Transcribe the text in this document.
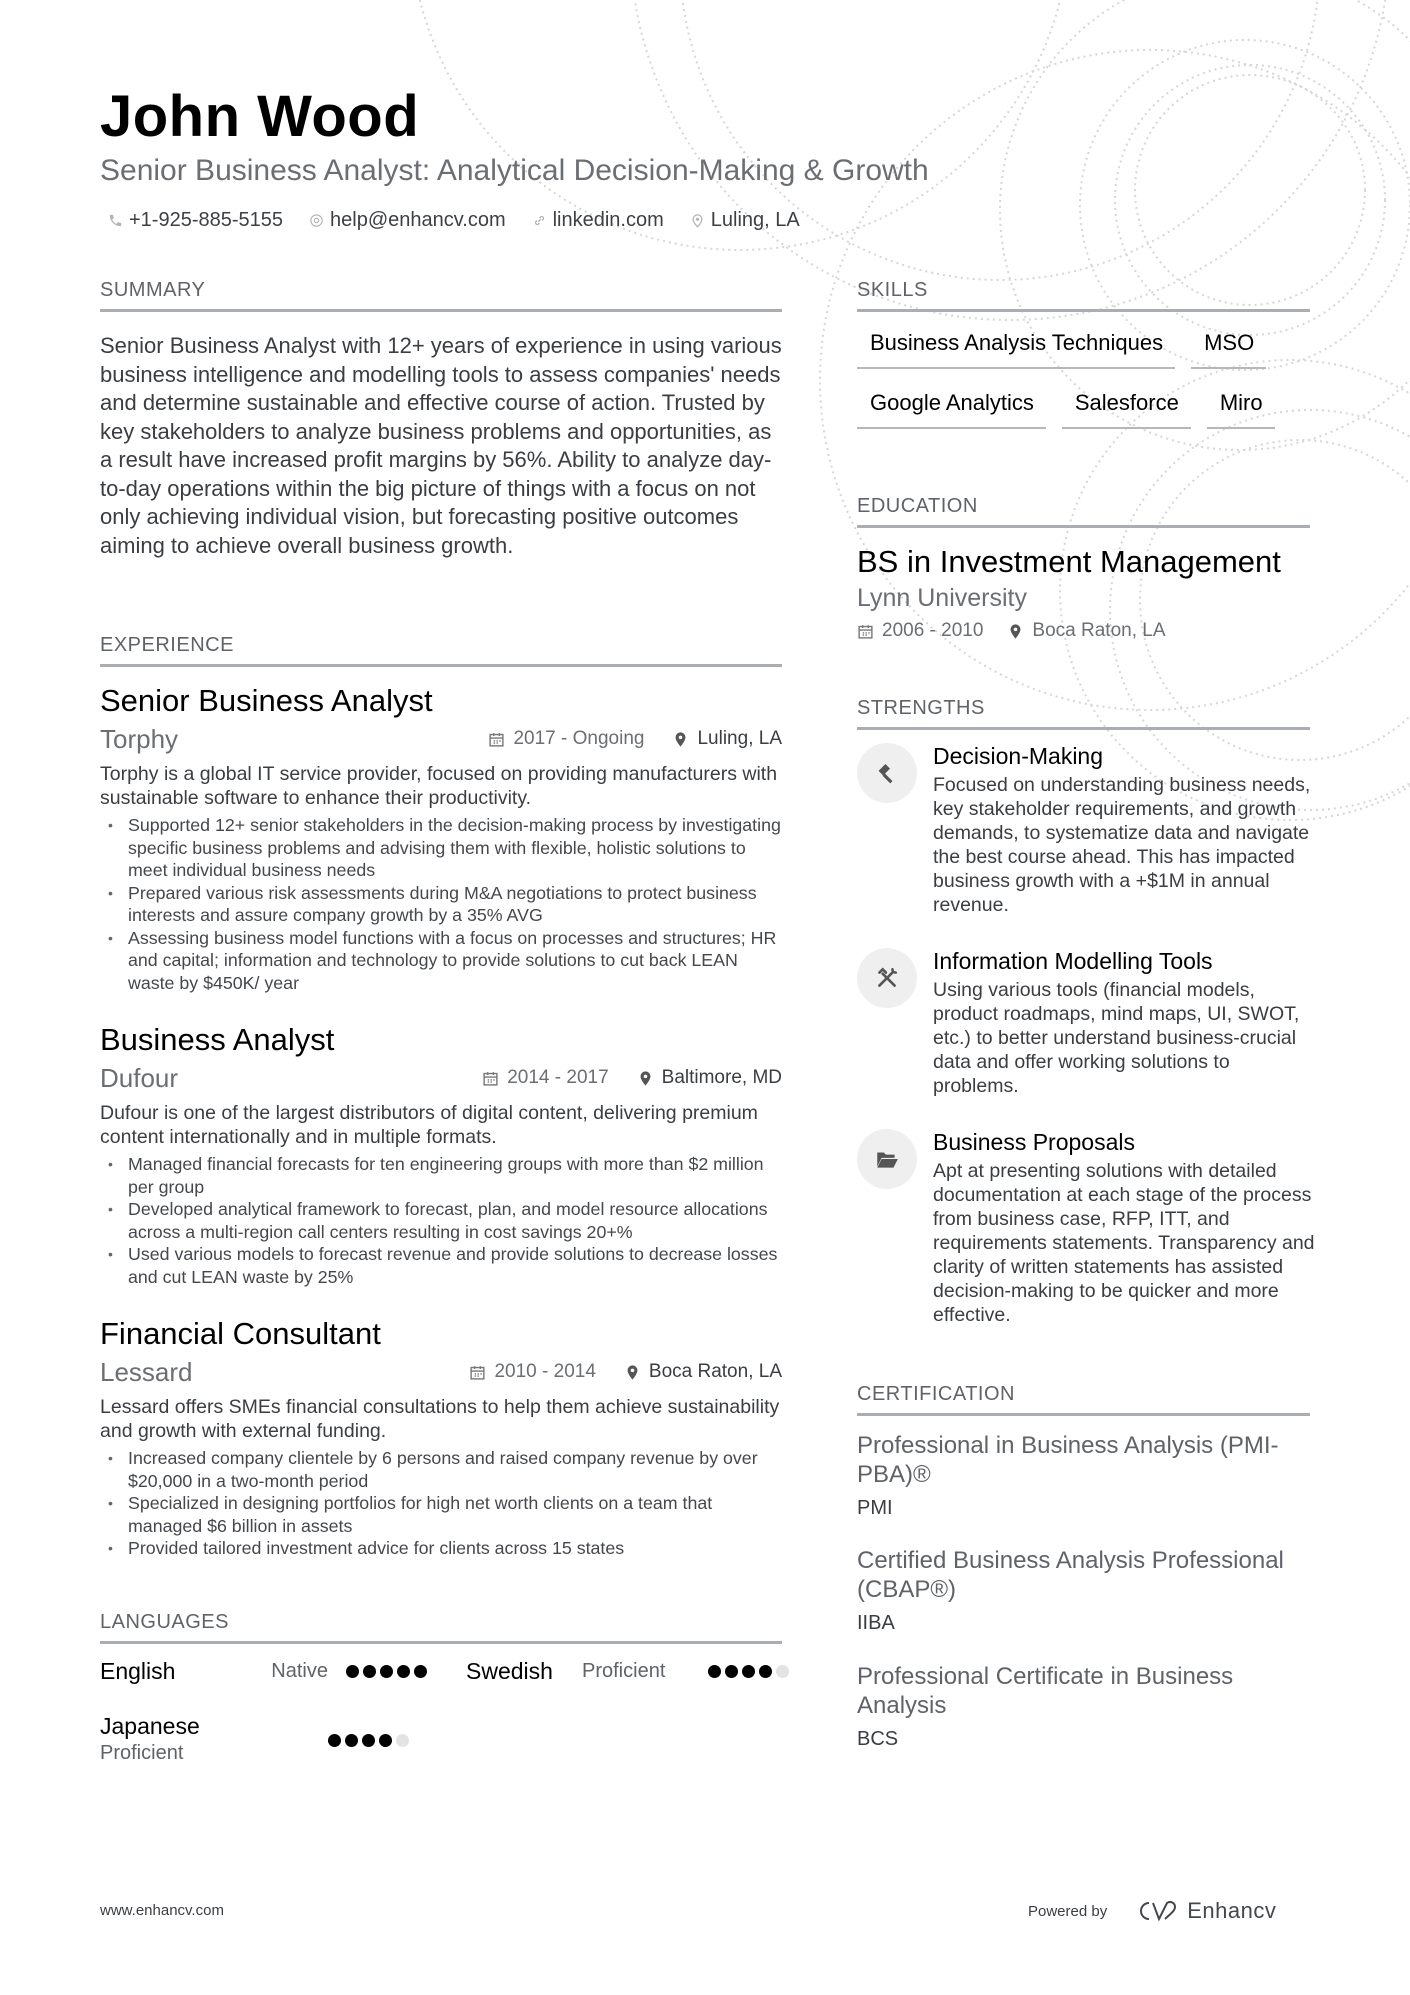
John Wood
Senior Business Analyst: Analytical Decision-Making & Growth
+1-925-885-5155 help@enhancv.com linkedin.com Luling, LA
SUMMARY
Senior Business Analyst with 12+ years of experience in using various business intelligence and modelling tools to assess companies' needs and determine sustainable and effective course of action. Trusted by key stakeholders to analyze business problems and opportunities, as a result have increased profit margins by 56%. Ability to analyze day-to-day operations within the big picture of things with a focus on not only achieving individual vision, but forecasting positive outcomes aiming to achieve overall business growth.
EXPERIENCE
Senior Business Analyst
Torphy	2017 - Ongoing	Luling, LA
Torphy is a global IT service provider, focused on providing manufacturers with sustainable software to enhance their productivity.
• Supported 12+ senior stakeholders in the decision-making process by investigating specific business problems and advising them with flexible, holistic solutions to meet individual business needs
• Prepared various risk assessments during M&A negotiations to protect business interests and assure company growth by a 35% AVG
• Assessing business model functions with a focus on processes and structures; HR and capital; information and technology to provide solutions to cut back LEAN waste by $450K/ year
Business Analyst
Dufour	2014 - 2017	Baltimore, MD
Dufour is one of the largest distributors of digital content, delivering premium content internationally and in multiple formats.
• Managed financial forecasts for ten engineering groups with more than $2 million per group
• Developed analytical framework to forecast, plan, and model resource allocations across a multi-region call centers resulting in cost savings 20+%
• Used various models to forecast revenue and provide solutions to decrease losses and cut LEAN waste by 25%
Financial Consultant
Lessard	2010 - 2014	Boca Raton, LA
Lessard offers SMEs financial consultations to help them achieve sustainability and growth with external funding.
• Increased company clientele by 6 persons and raised company revenue by over $20,000 in a two-month period
• Specialized in designing portfolios for high net worth clients on a team that managed $6 billion in assets
• Provided tailored investment advice for clients across 15 states
LANGUAGES
English	Native	Swedish	Proficient
Japanese
Proficient
SKILLS
Business Analysis Techniques	MSO
Google Analytics	Salesforce	Miro
EDUCATION
BS in Investment Management
Lynn University
2006 - 2010	Boca Raton, LA
STRENGTHS
Decision-Making
Focused on understanding business needs, key stakeholder requirements, and growth demands, to systematize data and navigate the best course ahead. This has impacted business growth with a +$1M in annual revenue.
Information Modelling Tools
Using various tools (financial models, product roadmaps, mind maps, UI, SWOT, etc.) to better understand business-crucial data and offer working solutions to problems.
Business Proposals
Apt at presenting solutions with detailed documentation at each stage of the process from business case, RFP, ITT, and requirements statements. Transparency and clarity of written statements has assisted decision-making to be quicker and more effective.
CERTIFICATION
Professional in Business Analysis (PMI-PBA)®
PMI
Certified Business Analysis Professional (CBAP®)
IIBA
Professional Certificate in Business Analysis
BCS
www.enhancv.com	Powered by	Enhancv
